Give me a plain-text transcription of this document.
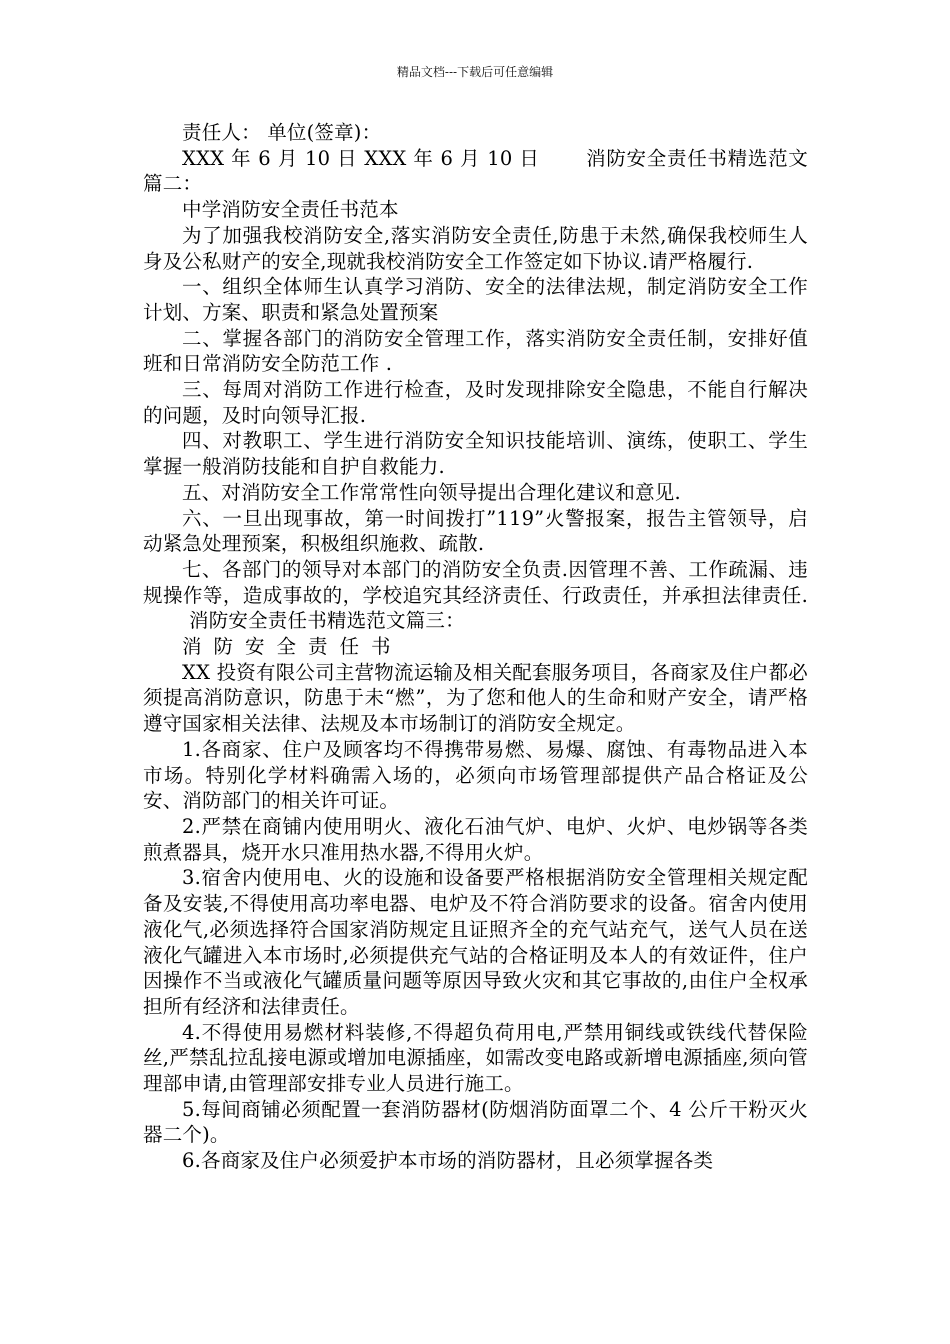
精品文档---下载后可任意编辑

责任人： 单位(签章)：

XXX 年 6 月 10 日 XXX 年 6 月 10 日 消防安全责任书精选范文篇二：

中学消防安全责任书范本

为了加强我校消防安全,落实消防安全责任,防患于未然,确保我校师生人身及公私财产的安全,现就我校消防安全工作签定如下协议.请严格履行.

一、组织全体师生认真学习消防、安全的法律法规，制定消防安全工作计划、方案、职责和紧急处置预案

二、掌握各部门的消防安全管理工作，落实消防安全责任制，安排好值班和日常消防安全防范工作 .

三、每周对消防工作进行检查，及时发现排除安全隐患，不能自行解决的问题，及时向领导汇报.

四、对教职工、学生进行消防安全知识技能培训、演练，使职工、学生掌握一般消防技能和自护自救能力.

五、对消防安全工作常常性向领导提出合理化建议和意见.

六、一旦出现事故，第一时间拨打”119”火警报案，报告主管领导，启动紧急处理预案，积极组织施救、疏散.

七、各部门的领导对本部门的消防安全负责.因管理不善、工作疏漏、违规操作等，造成事故的，学校追究其经济责任、行政责任，并承担法律责任.消防安全责任书精选范文篇三：

消防安全责任书

XX 投资有限公司主营物流运输及相关配套服务项目，各商家及住户都必须提高消防意识，防患于未“燃”，为了您和他人的生命和财产安全，请严格遵守国家相关法律、法规及本市场制订的消防安全规定。

1.各商家、住户及顾客均不得携带易燃、易爆、腐蚀、有毒物品进入本市场。特别化学材料确需入场的，必须向市场管理部提供产品合格证及公安、消防部门的相关许可证。

2.严禁在商铺内使用明火、液化石油气炉、电炉、火炉、电炒锅等各类煎煮器具，烧开水只准用热水器,不得用火炉。

3.宿舍内使用电、火的设施和设备要严格根据消防安全管理相关规定配备及安装,不得使用高功率电器、电炉及不符合消防要求的设备。宿舍内使用液化气,必须选择符合国家消防规定且证照齐全的充气站充气，送气人员在送液化气罐进入本市场时,必须提供充气站的合格证明及本人的有效证件，住户因操作不当或液化气罐质量问题等原因导致火灾和其它事故的,由住户全权承担所有经济和法律责任。

4.不得使用易燃材料装修,不得超负荷用电,严禁用铜线或铁线代替保险丝,严禁乱拉乱接电源或增加电源插座，如需改变电路或新增电源插座,须向管理部申请,由管理部安排专业人员进行施工。

5.每间商铺必须配置一套消防器材(防烟消防面罩二个、4 公斤干粉灭火器二个)。

6.各商家及住户必须爱护本市场的消防器材，且必须掌握各类
